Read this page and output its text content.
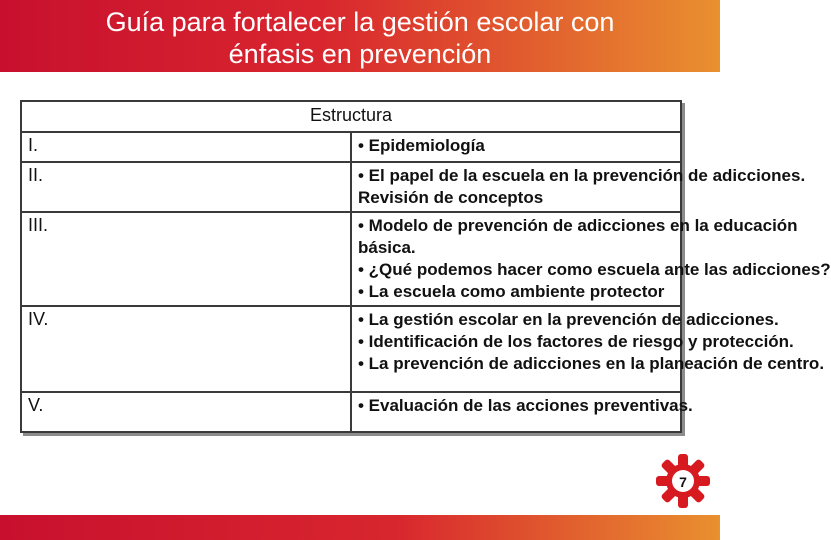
Guía para fortalecer la gestión escolar con
énfasis en prevención
Estructura	
I.	• Epidemiología

II.	• El papel de la escuela en la prevención de adicciones.
Revisión de conceptos

III.	• Modelo de prevención de adicciones en la educación
básica.
• ¿Qué podemos hacer como escuela ante las adicciones?
• La escuela como ambiente protector

IV.	• La gestión escolar en la prevención de adicciones.
• Identificación de los factores de riesgo y protección.
• La prevención de adicciones en la planeación de centro.

V.	• Evaluación de las acciones preventivas.
7
